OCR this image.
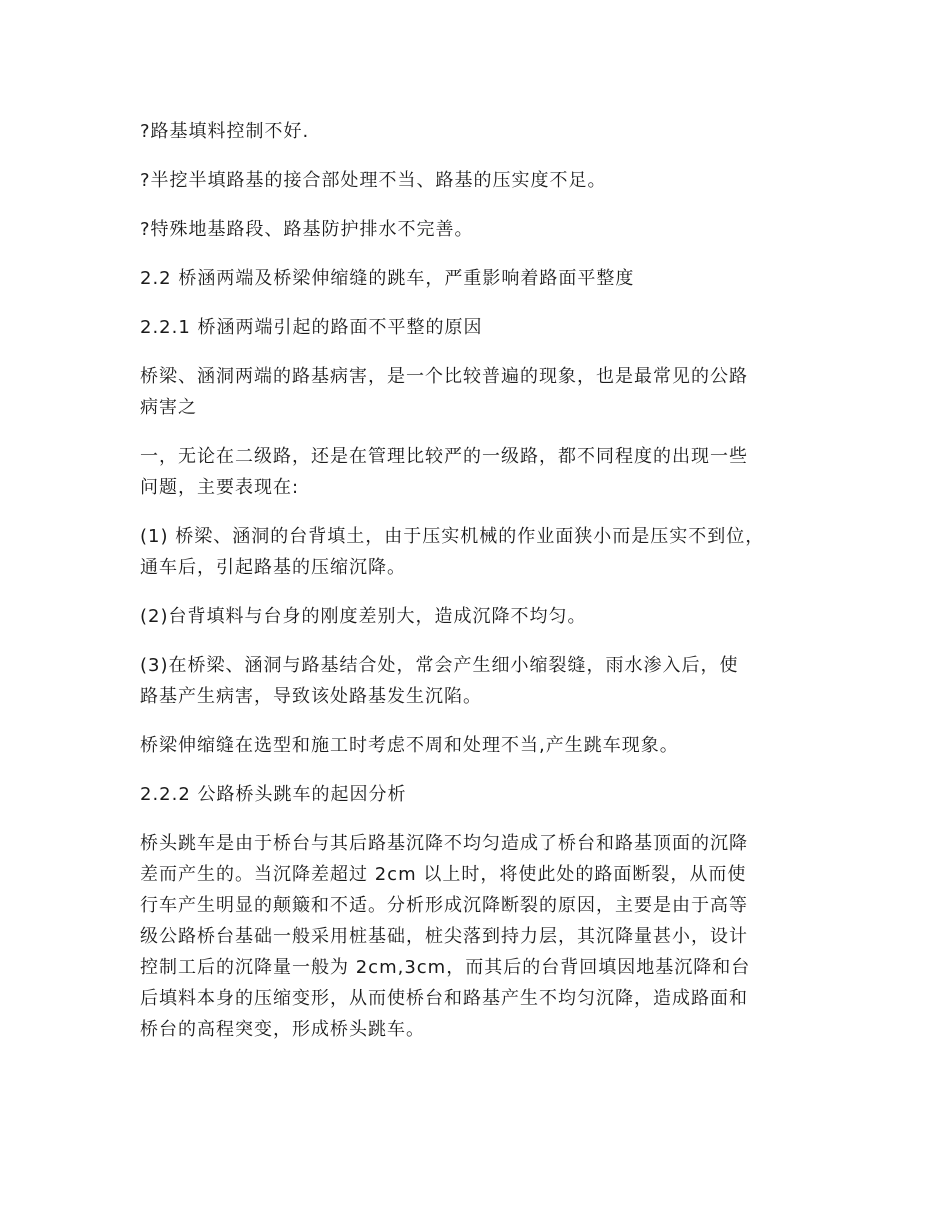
?路基填料控制不好.

?半挖半填路基的接合部处理不当、路基的压实度不足。

?特殊地基路段、路基防护排水不完善。

2.2 桥涵两端及桥梁伸缩缝的跳车，严重影响着路面平整度

2.2.1 桥涵两端引起的路面不平整的原因

桥梁、涵洞两端的路基病害，是一个比较普遍的现象，也是最常见的公路
病害之

一，无论在二级路，还是在管理比较严的一级路，都不同程度的出现一些
问题，主要表现在:

(1) 桥梁、涵洞的台背填土，由于压实机械的作业面狭小而是压实不到位，
通车后，引起路基的压缩沉降。

(2)台背填料与台身的刚度差别大，造成沉降不均匀。

(3)在桥梁、涵洞与路基结合处，常会产生细小缩裂缝，雨水渗入后，使
路基产生病害，导致该处路基发生沉陷。

桥梁伸缩缝在选型和施工时考虑不周和处理不当,产生跳车现象。

2.2.2 公路桥头跳车的起因分析

桥头跳车是由于桥台与其后路基沉降不均匀造成了桥台和路基顶面的沉降
差而产生的。当沉降差超过 2cm 以上时，将使此处的路面断裂，从而使
行车产生明显的颠簸和不适。分析形成沉降断裂的原因，主要是由于高等
级公路桥台基础一般采用桩基础，桩尖落到持力层，其沉降量甚小，设计
控制工后的沉降量一般为 2cm,3cm，而其后的台背回填因地基沉降和台
后填料本身的压缩变形，从而使桥台和路基产生不均匀沉降，造成路面和
桥台的高程突变，形成桥头跳车。
